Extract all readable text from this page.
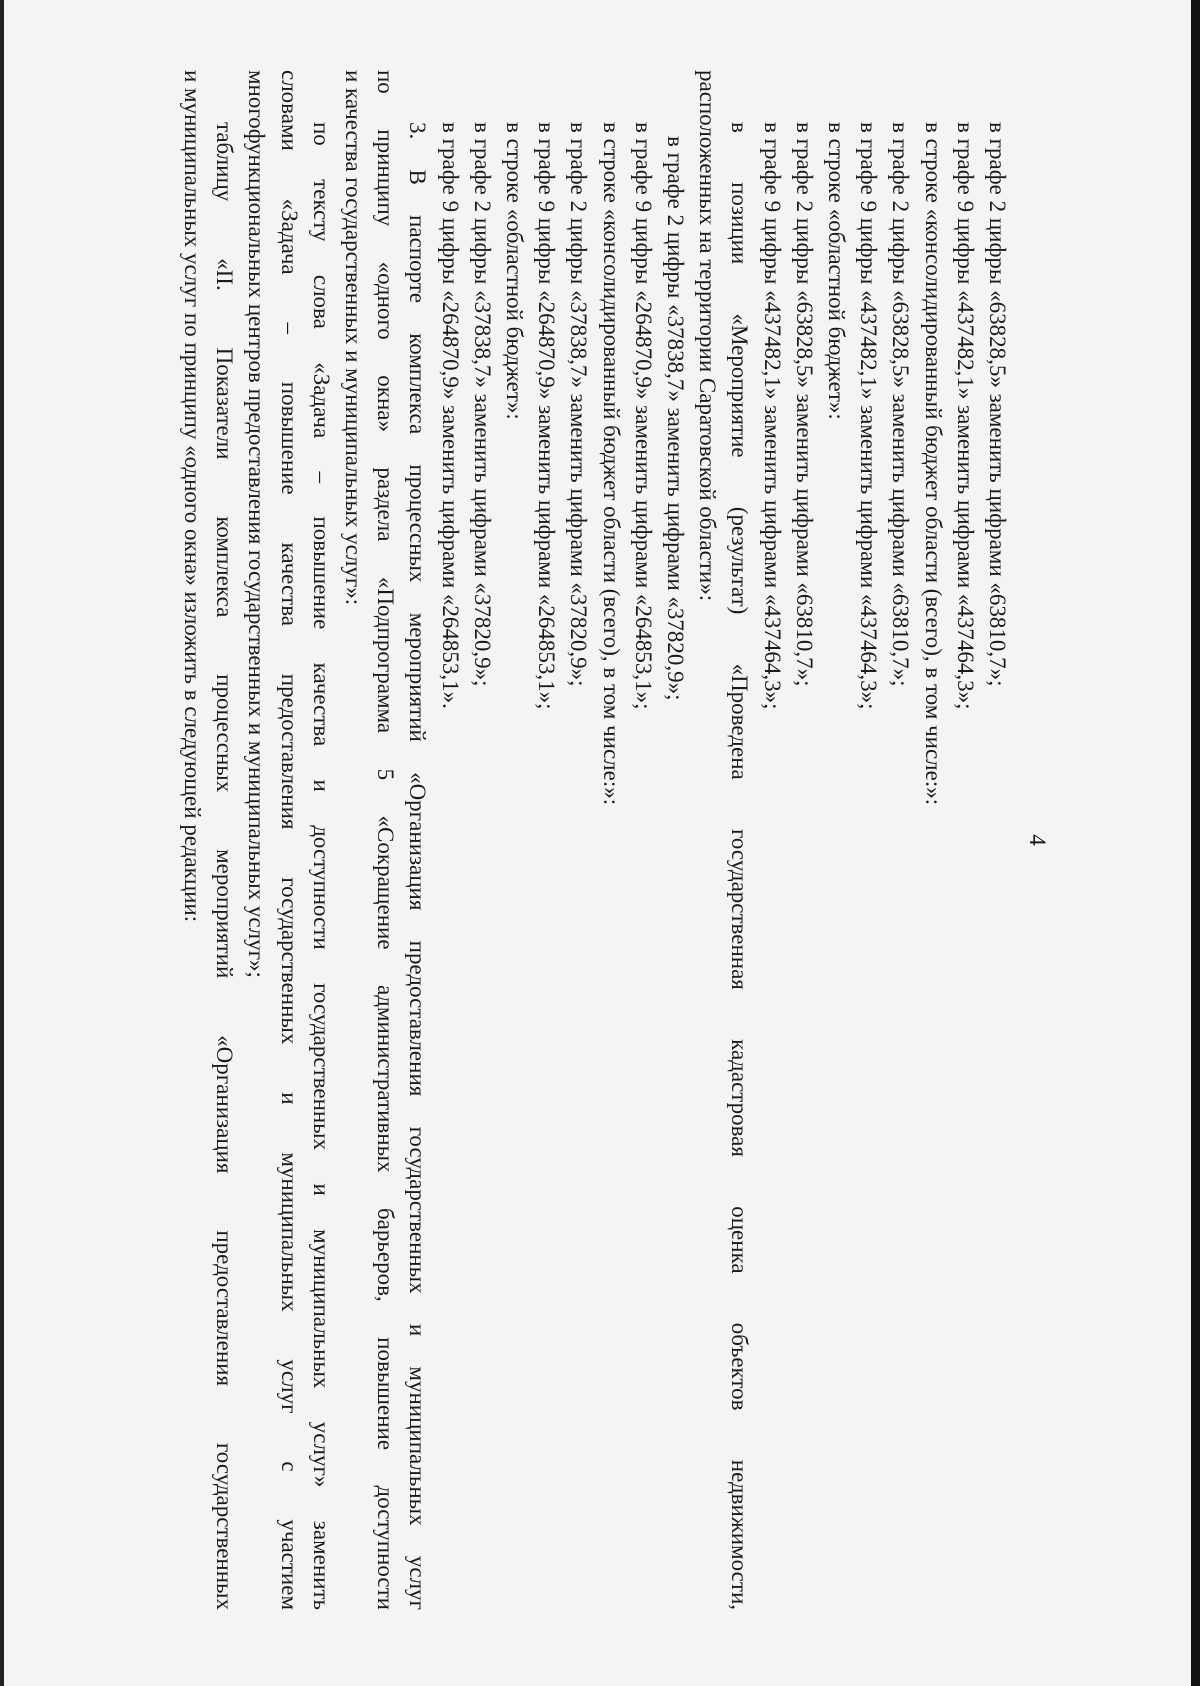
4
в графе 2 цифры «63828,5» заменить цифрами «63810,7»;
в графе 9 цифры «437482,1» заменить цифрами «437464,3»;
в строке «консолидированный бюджет области (всего), в том числе:»:
в графе 2 цифры «63828,5» заменить цифрами «63810,7»;
в графе 9 цифры «437482,1» заменить цифрами «437464,3»;
в строке «областной бюджет»:
в графе 2 цифры «63828,5» заменить цифрами «63810,7»;
в графе 9 цифры «437482,1» заменить цифрами «437464,3»;
в позиции «Мероприятие (результат) «Проведена государственная кадастровая оценка объектов недвижимости,
расположенных на территории Саратовской области»:
в графе 2 цифры «37838,7» заменить цифрами «37820,9»;
в графе 9 цифры «264870,9» заменить цифрами «264853,1»;
в строке «консолидированный бюджет области (всего), в том числе:»:
в графе 2 цифры «37838,7» заменить цифрами «37820,9»;
в графе 9 цифры «264870,9» заменить цифрами «264853,1»;
в строке «областной бюджет»:
в графе 2 цифры «37838,7» заменить цифрами «37820,9»;
в графе 9 цифры «264870,9» заменить цифрами «264853,1».
3. В паспорте комплекса процессных мероприятий «Организация предоставления государственных и муниципальных услуг
по принципу «одного окна» раздела «Подпрограмма 5 «Сокращение административных барьеров, повышение доступности
и качества государственных и муниципальных услуг»:
по тексту слова «Задача – повышение качества и доступности государственных и муниципальных услуг» заменить
словами «Задача – повышение качества предоставления государственных и муниципальных услуг с участием
многофункциональных центров предоставления государственных и муниципальных услуг»;
таблицу «II. Показатели комплекса процессных мероприятий «Организация предоставления государственных
и муниципальных услуг по принципу «одного окна» изложить в следующей редакции:
